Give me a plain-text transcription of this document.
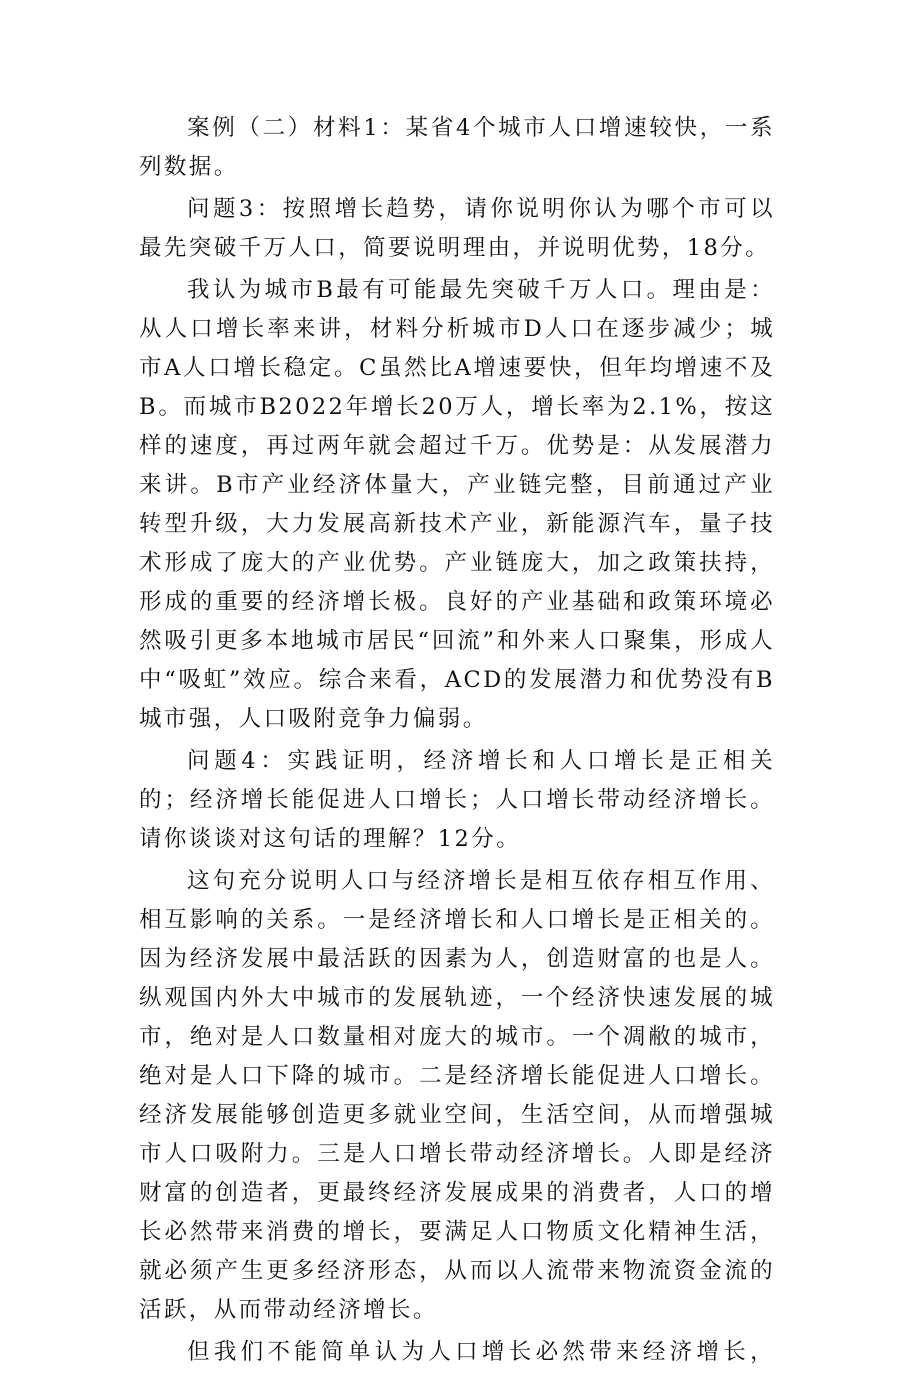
案例（二）材料1：某省4个城市人口增速较快，一系列数据。

问题3：按照增长趋势，请你说明你认为哪个市可以最先突破千万人口，简要说明理由，并说明优势，18分。

我认为城市B最有可能最先突破千万人口。理由是：从人口增长率来讲，材料分析城市D人口在逐步减少；城市A人口增长稳定。C虽然比A增速要快，但年均增速不及B。而城市B2022年增长20万人，增长率为2.1%，按这样的速度，再过两年就会超过千万。优势是：从发展潜力来讲。B市产业经济体量大，产业链完整，目前通过产业转型升级，大力发展高新技术产业，新能源汽车，量子技术形成了庞大的产业优势。产业链庞大，加之政策扶持，形成的重要的经济增长极。良好的产业基础和政策环境必然吸引更多本地城市居民“回流”和外来人口聚集，形成人中“吸虹”效应。综合来看，ACD的发展潜力和优势没有B城市强，人口吸附竞争力偏弱。

问题4：实践证明，经济增长和人口增长是正相关的；经济增长能促进人口增长；人口增长带动经济增长。请你谈谈对这句话的理解？12分。

这句充分说明人口与经济增长是相互依存相互作用、相互影响的关系。一是经济增长和人口增长是正相关的。因为经济发展中最活跃的因素为人，创造财富的也是人。纵观国内外大中城市的发展轨迹，一个经济快速发展的城市，绝对是人口数量相对庞大的城市。一个凋敝的城市，绝对是人口下降的城市。二是经济增长能促进人口增长。经济发展能够创造更多就业空间，生活空间，从而增强城市人口吸附力。三是人口增长带动经济增长。人即是经济财富的创造者，更最终经济发展成果的消费者，人口的增长必然带来消费的增长，要满足人口物质文化精神生活，就必须产生更多经济形态，从而以人流带来物流资金流的活跃，从而带动经济增长。

但我们不能简单认为人口增长必然带来经济增长，
